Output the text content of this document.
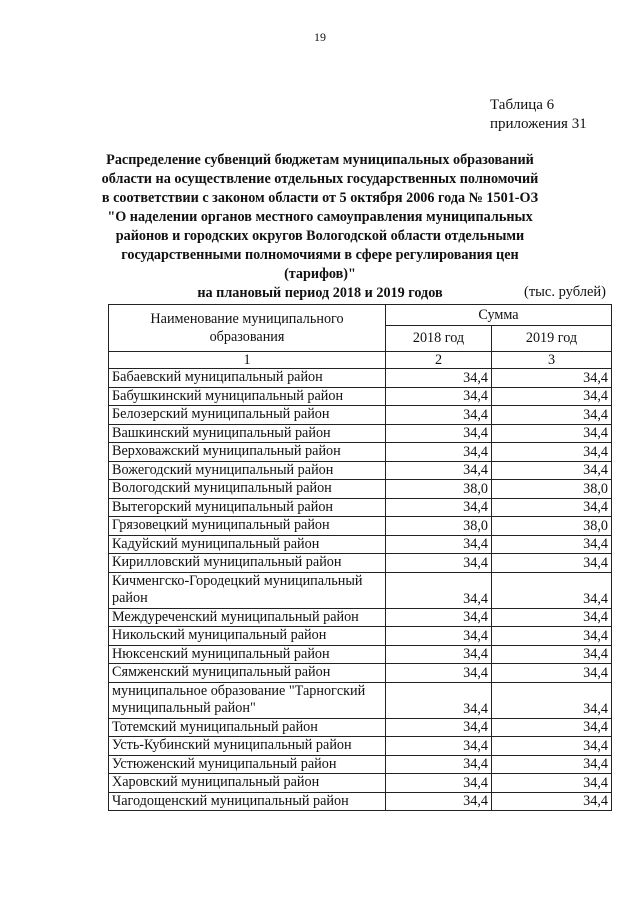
19
Таблица 6
приложения 31
Распределение субвенций бюджетам муниципальных образований
области на осуществление отдельных государственных полномочий
в соответствии с законом области от 5 октября 2006 года № 1501-ОЗ
"О наделении органов местного самоуправления муниципальных
районов и городских округов Вологодской области отдельными
государственными полномочиями в сфере регулирования цен (тарифов)"
на плановый период 2018 и 2019 годов	(тыс. рублей)
Наименование муниципального образования	Сумма	
	2018 год	2019 год
1	2	3
Бабаевский муниципальный район	34,4	34,4
Бабушкинский муниципальный район	34,4	34,4
Белозерский муниципальный район	34,4	34,4
Вашкинский муниципальный район	34,4	34,4
Верховажский муниципальный район	34,4	34,4
Вожегодский муниципальный район	34,4	34,4
Вологодский муниципальный район	38,0	38,0
Вытегорский муниципальный район	34,4	34,4
Грязовецкий муниципальный район	38,0	38,0
Кадуйский муниципальный район	34,4	34,4
Кирилловский муниципальный район	34,4	34,4
Кичменгско-Городецкий муниципальный район	34,4	34,4
Междуреченский муниципальный район	34,4	34,4
Никольский муниципальный район	34,4	34,4
Нюксенский муниципальный район	34,4	34,4
Сямженский муниципальный район	34,4	34,4
муниципальное образование "Тарногский муниципальный район"	34,4	34,4
Тотемский муниципальный район	34,4	34,4
Усть-Кубинский муниципальный район	34,4	34,4
Устюженский муниципальный район	34,4	34,4
Харовский муниципальный район	34,4	34,4
Чагодощенский муниципальный район	34,4	34,4
